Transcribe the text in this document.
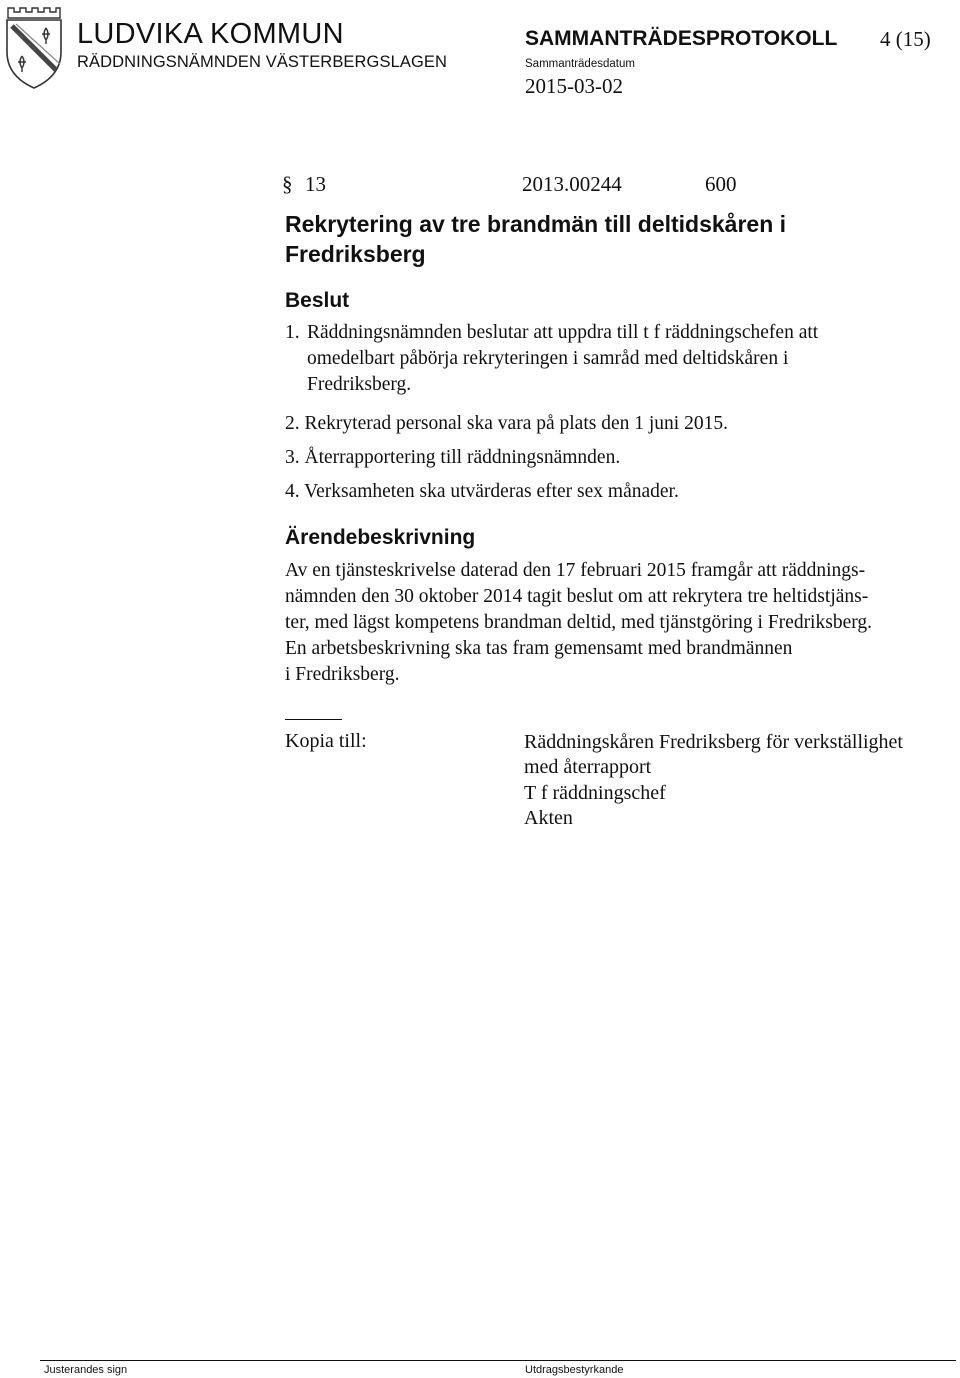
LUDVIKA KOMMUN
RÄDDNINGSNÄMNDEN VÄSTERBERGSLAGEN
SAMMANTRÄDESPROTOKOLL 4 (15)
Sammanträdesdatum
2015-03-02
§ 13	2013.00244	600
Rekrytering av tre brandmän till deltidskåren i Fredriksberg
Beslut
1. Räddningsnämnden beslutar att uppdra till t f räddningschefen att omedelbart påbörja rekryteringen i samråd med deltidskåren i Fredriksberg.
2. Rekryterad personal ska vara på plats den 1 juni 2015.
3. Återrapportering till räddningsnämnden.
4. Verksamheten ska utvärderas efter sex månader.
Ärendebeskrivning
Av en tjänsteskrivelse daterad den 17 februari 2015 framgår att räddnings-
nämnden den 30 oktober 2014 tagit beslut om att rekrytera tre heltidstjäns-
ter, med lägst kompetens brandman deltid, med tjänstgöring i Fredriksberg.
En arbetsbeskrivning ska tas fram gemensamt med brandmännen
i Fredriksberg.
Kopia till:	Räddningskåren Fredriksberg för verkställighet
med återrapport
T f räddningschef
Akten
Justerandes sign	Utdragsbestyrkande
